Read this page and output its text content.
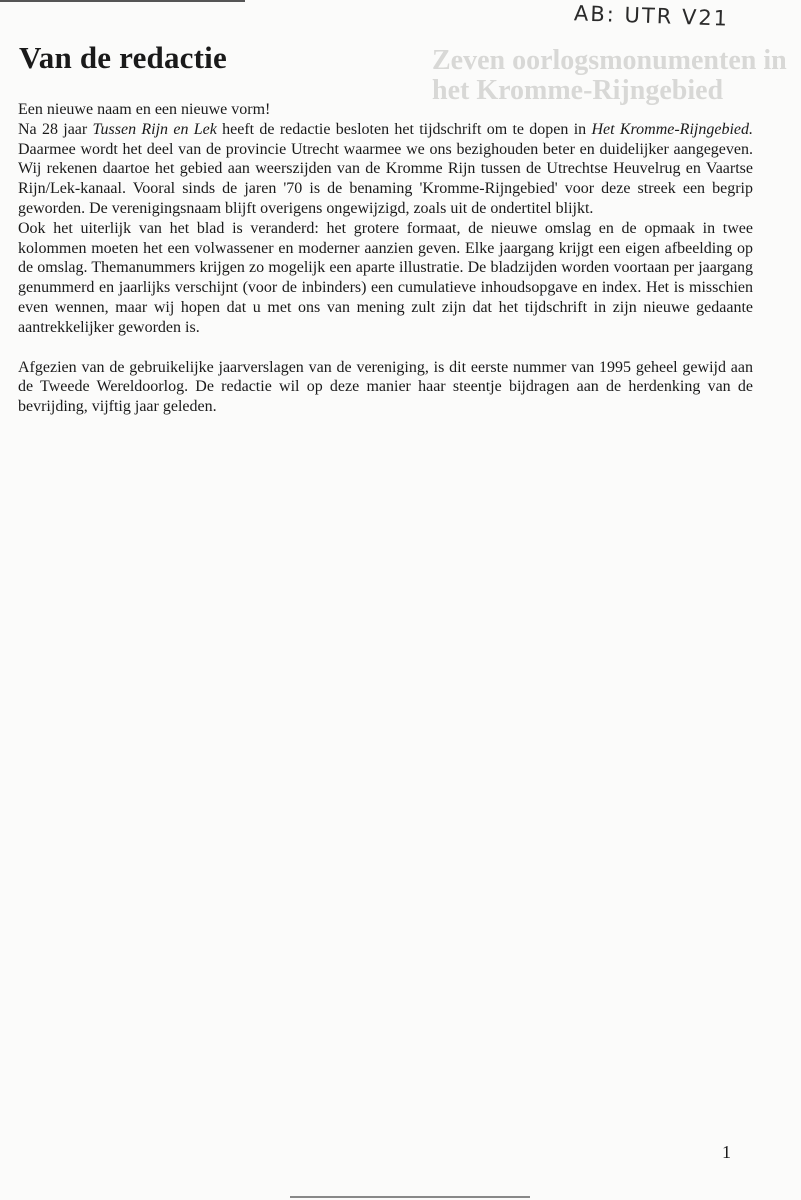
Zeven oorlogsmonumenten in het Kromme-Rijngebied
AB: UTR V21
Van de redactie

Een nieuwe naam en een nieuwe vorm!

Na 28 jaar Tussen Rijn en Lek heeft de redactie besloten het tijdschrift om te dopen in Het Kromme-Rijngebied. Daarmee wordt het deel van de provincie Utrecht waarmee we ons bezighouden beter en duidelijker aangegeven. Wij rekenen daartoe het gebied aan weerszijden van de Kromme Rijn tussen de Utrechtse Heuvelrug en Vaartse Rijn/Lek-kanaal. Vooral sinds de jaren '70 is de benaming 'Kromme-Rijngebied' voor deze streek een begrip geworden. De verenigingsnaam blijft overigens ongewijzigd, zoals uit de ondertitel blijkt.

Ook het uiterlijk van het blad is veranderd: het grotere formaat, de nieuwe omslag en de opmaak in twee kolommen moeten het een volwassener en moderner aanzien geven. Elke jaargang krijgt een eigen afbeelding op de omslag. Themanummers krijgen zo mogelijk een aparte illustratie. De bladzijden worden voortaan per jaargang genummerd en jaarlijks verschijnt (voor de inbinders) een cumulatieve inhoudsopgave en index. Het is misschien even wennen, maar wij hopen dat u met ons van mening zult zijn dat het tijdschrift in zijn nieuwe gedaante aantrekkelijker geworden is.

Afgezien van de gebruikelijke jaarverslagen van de vereniging, is dit eerste nummer van 1995 geheel gewijd aan de Tweede Wereldoorlog. De redactie wil op deze manier haar steentje bijdragen aan de herdenking van de bevrijding, vijftig jaar geleden.

1
